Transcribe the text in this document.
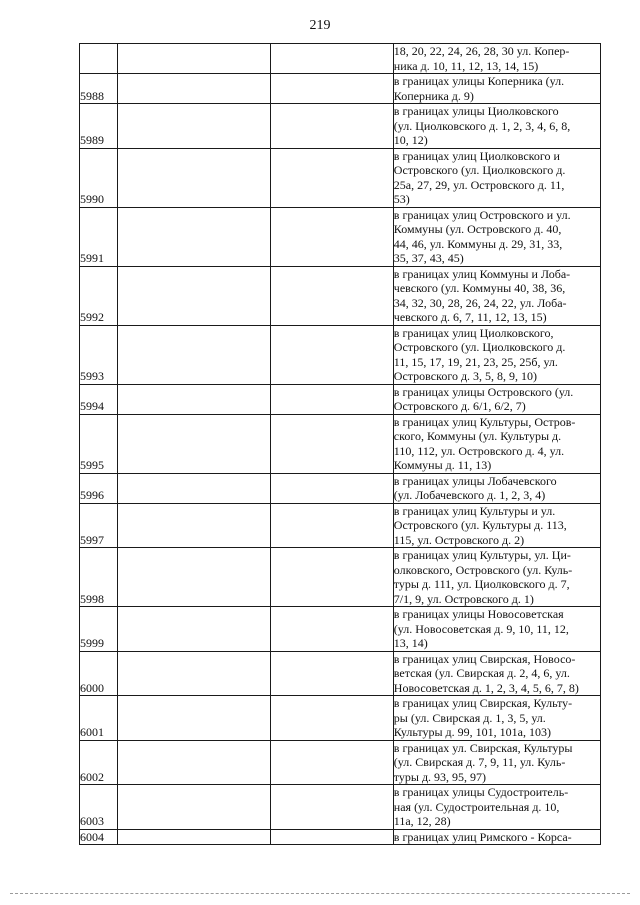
219

			18, 20, 22, 24, 26, 28, 30 ул. Копер-
ника д. 10, 11, 12, 13, 14, 15)

5988			в границах улицы Коперника (ул.
Коперника д. 9)

5989			в границах улицы Циолковского
(ул. Циолковского д. 1, 2, 3, 4, 6, 8,
10, 12)

5990			в границах улиц Циолковского и
Островского (ул. Циолковского д.
25а, 27, 29, ул. Островского д. 11,
53)

5991			в границах улиц Островского и ул.
Коммуны (ул. Островского д. 40,
44, 46, ул. Коммуны д. 29, 31, 33,
35, 37, 43, 45)

5992			в границах улиц Коммуны и Лоба-
чевского (ул. Коммуны 40, 38, 36,
34, 32, 30, 28, 26, 24, 22, ул. Лоба-
чевского д. 6, 7, 11, 12, 13, 15)

5993			в границах улиц Циолковского,
Островского (ул. Циолковского д.
11, 15, 17, 19, 21, 23, 25, 25б, ул.
Островского д. 3, 5, 8, 9, 10)

5994			в границах улицы Островского (ул.
Островского д. 6/1, 6/2, 7)

5995			в границах улиц Культуры, Остров-
ского, Коммуны (ул. Культуры д.
110, 112, ул. Островского д. 4, ул.
Коммуны д. 11, 13)

5996			в границах улицы Лобачевского
(ул. Лобачевского д. 1, 2, 3, 4)

5997			в границах улиц Культуры и ул.
Островского (ул. Культуры д. 113,
115, ул. Островского д. 2)

5998			в границах улиц Культуры, ул. Ци-
олковского, Островского (ул. Куль-
туры д. 111, ул. Циолковского д. 7,
7/1, 9, ул. Островского д. 1)

5999			в границах улицы Новосоветская
(ул. Новосоветская д. 9, 10, 11, 12,
13, 14)

6000			в границах улиц Свирская, Новосо-
ветская (ул. Свирская д. 2, 4, 6, ул.
Новосоветская д. 1, 2, 3, 4, 5, 6, 7, 8)

6001			в границах улиц Свирская, Культу-
ры (ул. Свирская д. 1, 3, 5, ул.
Культуры д. 99, 101, 101а, 103)

6002			в границах ул. Свирская, Культуры
(ул. Свирская д. 7, 9, 11, ул. Куль-
туры д. 93, 95, 97)

6003			в границах улицы Судостроитель-
ная (ул. Судостроительная д. 10,
11а, 12, 28)

6004			в границах улиц Римского - Корса-
